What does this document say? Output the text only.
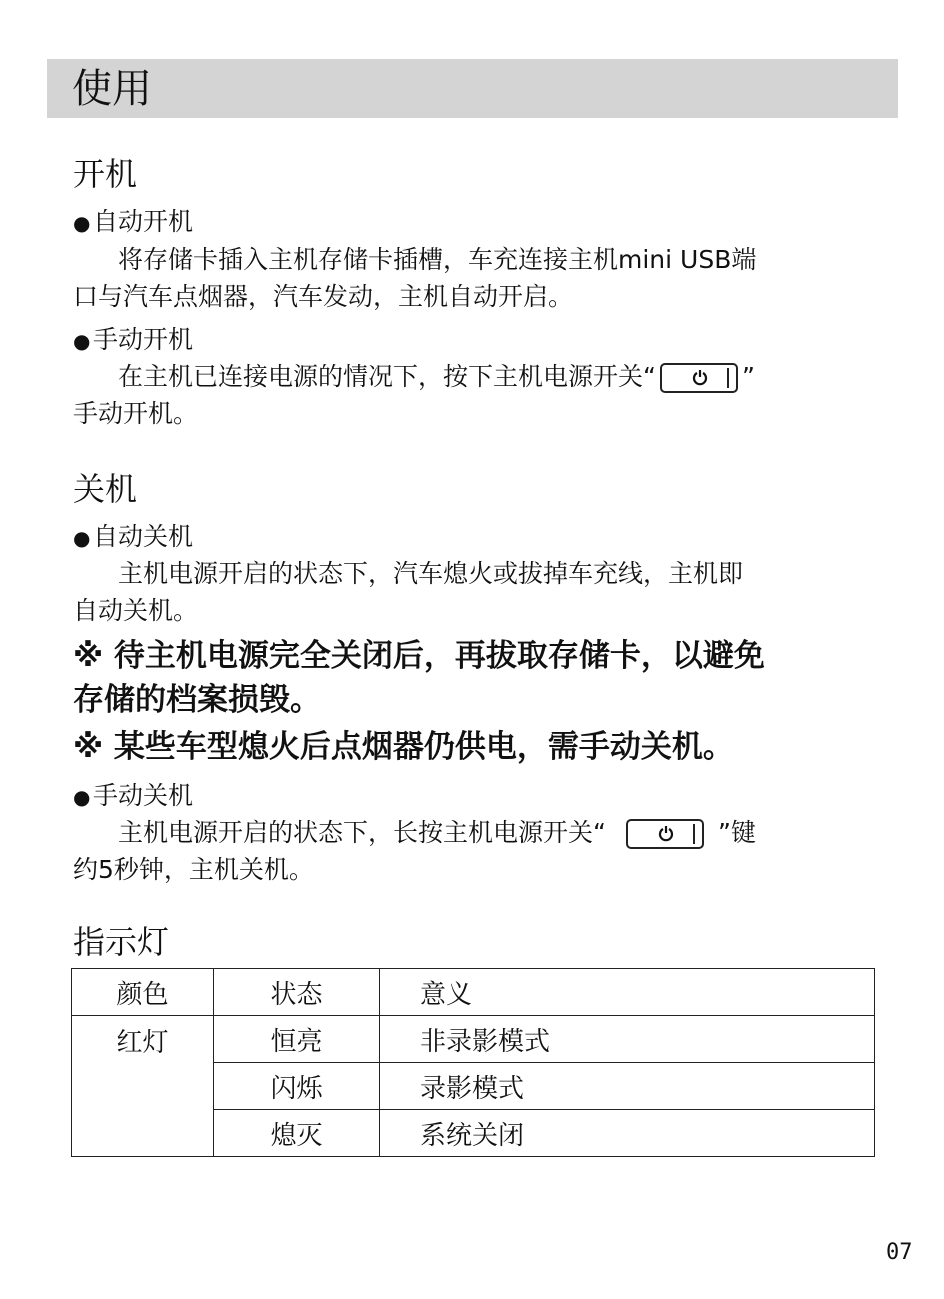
使用
开机
● 自动开机
将存储卡插入主机存储卡插槽，车充连接主机mini USB端
口与汽车点烟器，汽车发动，主机自动开启。
● 手动开机
在主机已连接电源的情况下，按下主机电源开关“	”
手动开机。
关机
● 自动关机
主机电源开启的状态下，汽车熄火或拔掉车充线，主机即
自动关机。
※ 待主机电源完全关闭后，再拔取存储卡，以避免
存储的档案损毁。
※ 某些车型熄火后点烟器仍供电，需手动关机。
● 手动关机
主机电源开启的状态下，长按主机电源开关“	”键
约5秒钟，主机关机。
指示灯
颜色	状态	意义
红灯	恒亮	非录影模式
	闪烁	录影模式
	熄灭	系统关闭
07
